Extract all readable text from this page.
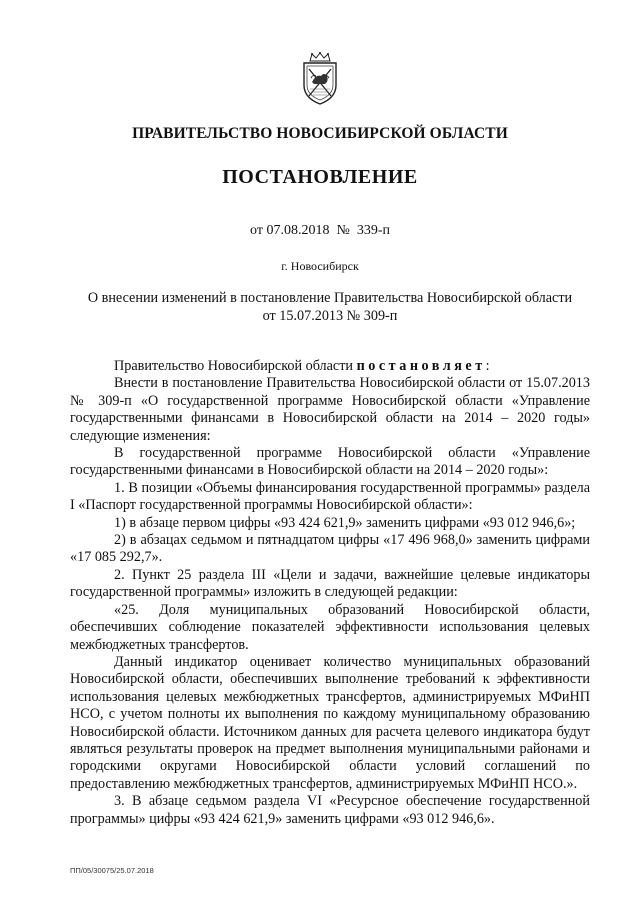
ПРАВИТЕЛЬСТВО НОВОСИБИРСКОЙ ОБЛАСТИ
ПОСТАНОВЛЕНИЕ
от 07.08.2018 № 339-п
г. Новосибирск
О внесении изменений в постановление Правительства Новосибирской области
от 15.07.2013 № 309-п

Правительство Новосибирской области постановляет:

Внести в постановление Правительства Новосибирской области от 15.07.2013 № 309-п «О государственной программе Новосибирской области «Управление государственными финансами в Новосибирской области на 2014 – 2020 годы» следующие изменения:

В государственной программе Новосибирской области «Управление государственными финансами в Новосибирской области на 2014 – 2020 годы»:

1. В позиции «Объемы финансирования государственной программы» раздела I «Паспорт государственной программы Новосибирской области»:

1) в абзаце первом цифры «93 424 621,9» заменить цифрами «93 012 946,6»;

2) в абзацах седьмом и пятнадцатом цифры «17 496 968,0» заменить цифрами «17 085 292,7».

2. Пункт 25 раздела III «Цели и задачи, важнейшие целевые индикаторы государственной программы» изложить в следующей редакции:

«25. Доля муниципальных образований Новосибирской области, обеспечивших соблюдение показателей эффективности использования целевых межбюджетных трансфертов.

Данный индикатор оценивает количество муниципальных образований Новосибирской области, обеспечивших выполнение требований к эффективности использования целевых межбюджетных трансфертов, администрируемых МФиНП НСО, с учетом полноты их выполнения по каждому муниципальному образованию Новосибирской области. Источником данных для расчета целевого индикатора будут являться результаты проверок на предмет выполнения муниципальными районами и городскими округами Новосибирской области условий соглашений по предоставлению межбюджетных трансфертов, администрируемых МФиНП НСО.».

3. В абзаце седьмом раздела VI «Ресурсное обеспечение государственной программы» цифры «93 424 621,9» заменить цифрами «93 012 946,6».

ПП/05/30075/25.07.2018
